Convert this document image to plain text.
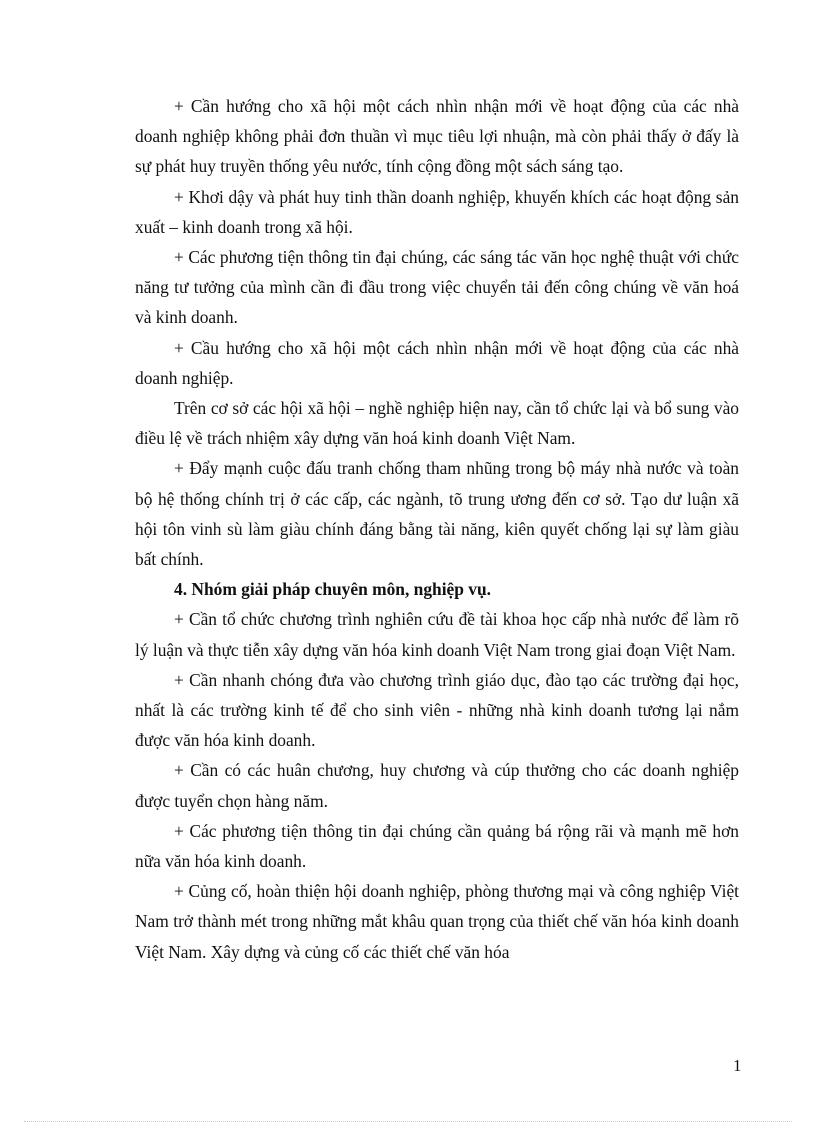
+ Cần hướng cho xã hội một cách nhìn nhận mới về hoạt động của các nhà doanh nghiệp không phải đơn thuần vì mục tiêu lợi nhuận, mà còn phải thấy ở đấy là sự phát huy truyền thống yêu nước, tính cộng đồng một sách sáng tạo.

+ Khơi dậy và phát huy tinh thần doanh nghiệp, khuyến khích các hoạt động sản xuất – kinh doanh trong xã hội.

+ Các phương tiện thông tin đại chúng, các sáng tác văn học nghệ thuật với chức năng tư tưởng của mình cần đi đầu trong việc chuyển tải đến công chúng về văn hoá và kinh doanh.

+ Cầu hướng cho xã hội một cách nhìn nhận mới về hoạt động của các nhà doanh nghiệp.

Trên cơ sở các hội xã hội – nghề nghiệp hiện nay, cần tổ chức lại và bổ sung vào điều lệ về trách nhiệm xây dựng văn hoá kinh doanh Việt Nam.

+ Đẩy mạnh cuộc đấu tranh chống tham nhũng trong bộ máy nhà nước và toàn bộ hệ thống chính trị ở các cấp, các ngành, tõ trung ương đến cơ sở. Tạo dư luận xã hội tôn vinh sù làm giàu chính đáng bằng tài năng, kiên quyết chống lại sự làm giàu bất chính.

4. Nhóm giải pháp chuyên môn, nghiệp vụ.

+ Cần tổ chức chương trình nghiên cứu đề tài khoa học cấp nhà nước để làm rõ lý luận và thực tiễn xây dựng văn hóa kinh doanh Việt Nam trong giai đoạn Việt Nam.

+ Cần nhanh chóng đưa vào chương trình giáo dục, đào tạo các trường đại học, nhất là các trường kinh tế để cho sinh viên - những nhà kinh doanh tương lại nắm được văn hóa kinh doanh.

+ Cần có các huân chương, huy chương và cúp thưởng cho các doanh nghiệp được tuyển chọn hàng năm.

+ Các phương tiện thông tin đại chúng cần quảng bá rộng rãi và mạnh mẽ hơn nữa văn hóa kinh doanh.

+ Củng cố, hoàn thiện hội doanh nghiệp, phòng thương mại và công nghiệp Việt Nam trở thành mét trong những mắt khâu quan trọng của thiết chế văn hóa kinh doanh Việt Nam. Xây dựng và củng cố các thiết chế văn hóa

1
